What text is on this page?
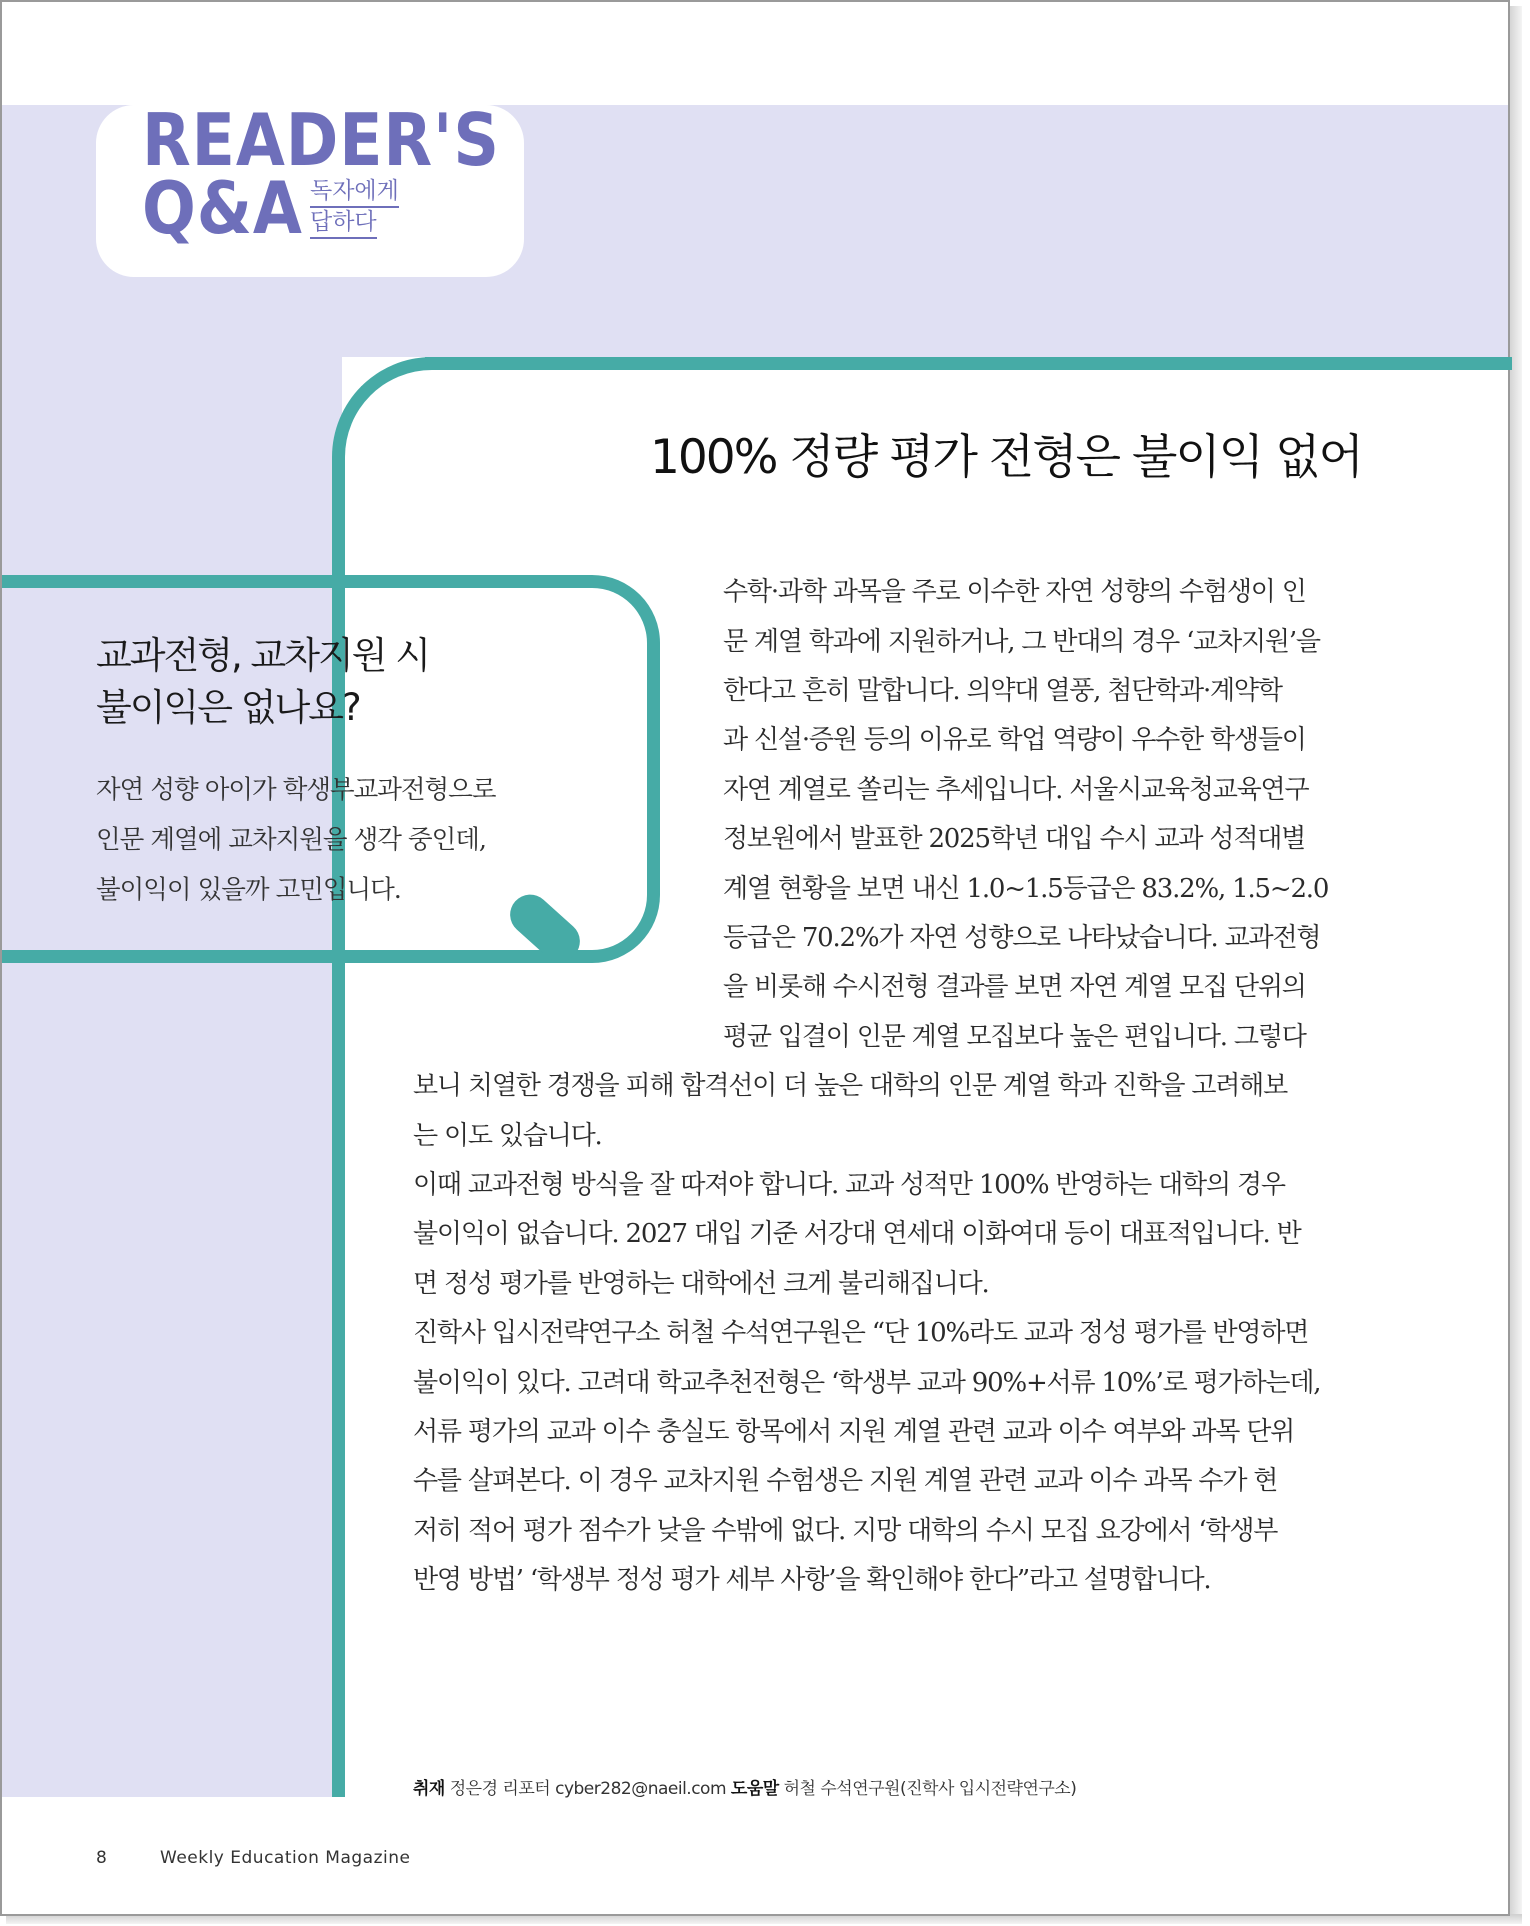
READER'S
Q&A 독자에게
답하다
100% 정량 평가 전형은 불이익 없어
교과전형, 교차지원 시
불이익은 없나요?
자연 성향 아이가 학생부교과전형으로
인문 계열에 교차지원을 생각 중인데,
불이익이 있을까 고민입니다.
수학·과학 과목을 주로 이수한 자연 성향의 수험생이 인
문 계열 학과에 지원하거나, 그 반대의 경우 ‘교차지원’을
한다고 흔히 말합니다. 의약대 열풍, 첨단학과·계약학
과 신설·증원 등의 이유로 학업 역량이 우수한 학생들이
자연 계열로 쏠리는 추세입니다. 서울시교육청교육연구
정보원에서 발표한 2025학년 대입 수시 교과 성적대별
계열 현황을 보면 내신 1.0~1.5등급은 83.2%, 1.5~2.0
등급은 70.2%가 자연 성향으로 나타났습니다. 교과전형
을 비롯해 수시전형 결과를 보면 자연 계열 모집 단위의
평균 입결이 인문 계열 모집보다 높은 편입니다. 그렇다
보니 치열한 경쟁을 피해 합격선이 더 높은 대학의 인문 계열 학과 진학을 고려해보
는 이도 있습니다.
이때 교과전형 방식을 잘 따져야 합니다. 교과 성적만 100% 반영하는 대학의 경우
불이익이 없습니다. 2027 대입 기준 서강대 연세대 이화여대 등이 대표적입니다. 반
면 정성 평가를 반영하는 대학에선 크게 불리해집니다.
진학사 입시전략연구소 허철 수석연구원은 “단 10%라도 교과 정성 평가를 반영하면
불이익이 있다. 고려대 학교추천전형은 ‘학생부 교과 90%+서류 10%’로 평가하는데,
서류 평가의 교과 이수 충실도 항목에서 지원 계열 관련 교과 이수 여부와 과목 단위
수를 살펴본다. 이 경우 교차지원 수험생은 지원 계열 관련 교과 이수 과목 수가 현
저히 적어 평가 점수가 낮을 수밖에 없다. 지망 대학의 수시 모집 요강에서 ‘학생부
반영 방법’ ‘학생부 정성 평가 세부 사항’을 확인해야 한다”라고 설명합니다.
취재 정은경 리포터 cyber282@naeil.com 도움말 허철 수석연구원(진학사 입시전략연구소)
8	Weekly Education Magazine
